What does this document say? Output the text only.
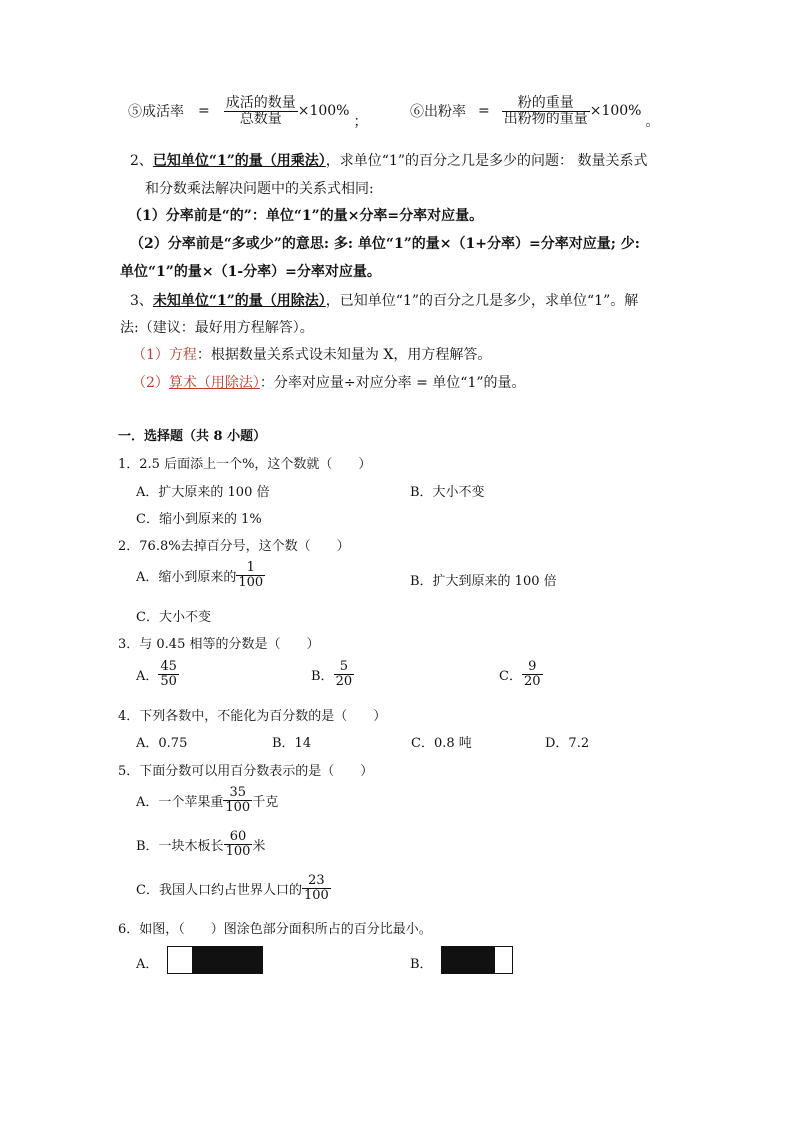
⑤成活率 = $\frac{\text{成活的数量}}{\text{总数量}} \times 100\%$
；
⑥出粉率 = $\frac{\text{粉的重量}}{\text{出粉物的重量}} \times 100\%$
。
2、已知单位“1”的量（用乘法），求单位“1”的百分之几是多少的问题： 数量关系式
和分数乘法解决问题中的关系式相同:
（1）分率前是“的”：单位“1”的量×分率=分率对应量。
（2）分率前是“多或少”的意思: 多: 单位“1”的量×（1+分率）=分率对应量; 少:
单位“1”的量×（1-分率）=分率对应量。
3、未知单位“1”的量（用除法），已知单位“1”的百分之几是多少，求单位“1”。解
法:（建议：最好用方程解答）。
（1）方程：根据数量关系式设未知量为 X，用方程解答。
（2）算术（用除法）：分率对应量÷对应分率 = 单位“1”的量。
一．选择题（共 8 小题）
1．2.5 后面添上一个%，这个数就（　　）
A．扩大原来的 100 倍	B．大小不变
C．缩小到原来的 1%
2．76.8%去掉百分号，这个数（　　）
A．缩小到原来的 $\frac{1}{100}$	B．扩大到原来的 100 倍
C．大小不变
3．与 0.45 相等的分数是（　　）
A． $\frac{45}{50}$	B． $\frac{5}{20}$	C． $\frac{9}{20}$
4．下列各数中，不能化为百分数的是（　　）
A．0.75	B．14	C．0.8 吨	D．7.2
5．下面分数可以用百分数表示的是（　　）
A．一个苹果重 $\frac{35}{100}$ 千克
B．一块木板长 $\frac{60}{100}$ 米
C．我国人口约占世界人口的 $\frac{23}{100}$
6．如图，（　　）图涂色部分面积所占的百分比最小。
A．	B．
